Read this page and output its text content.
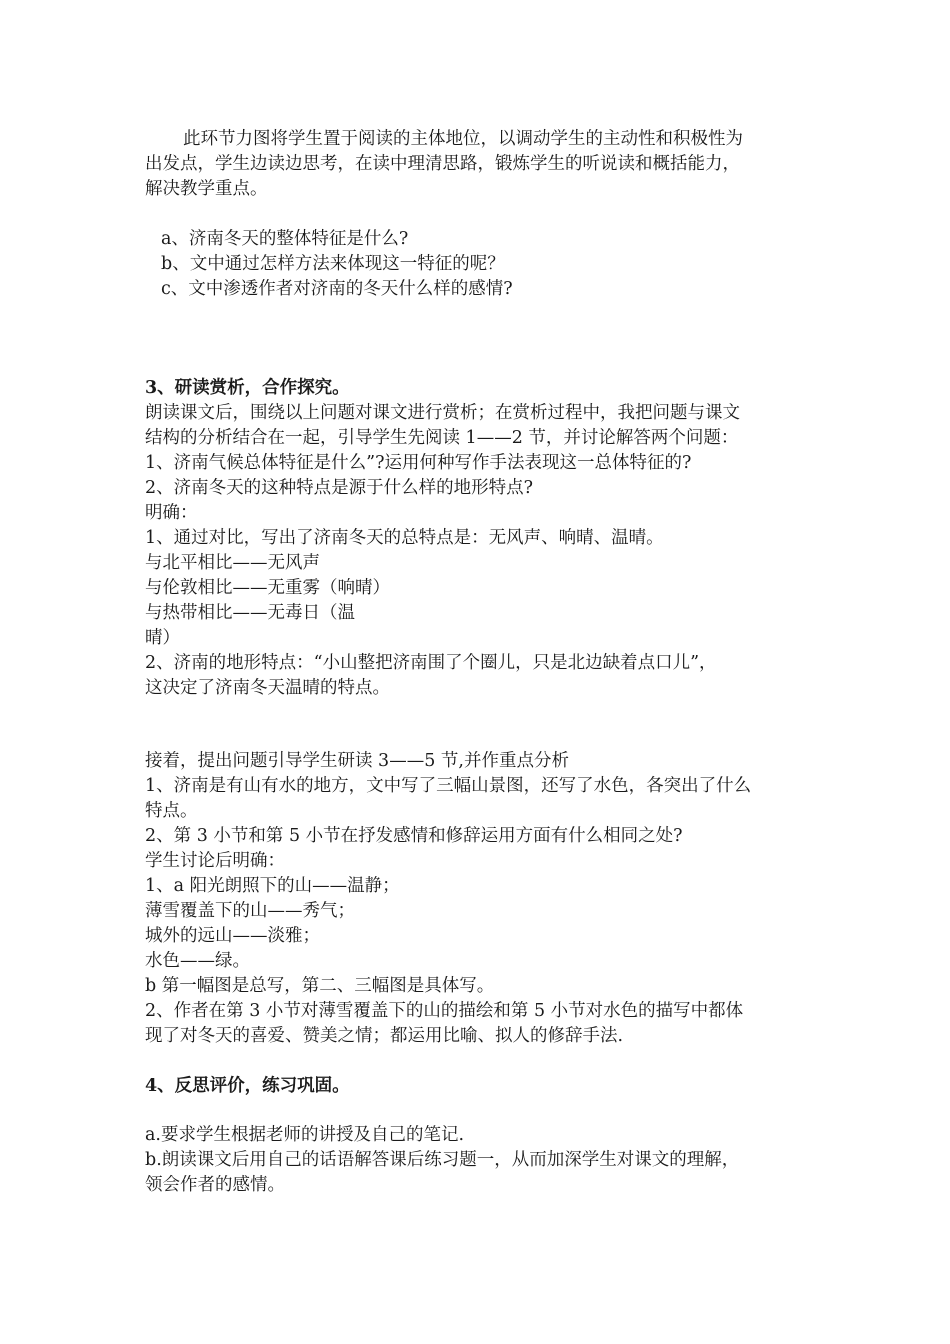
此环节力图将学生置于阅读的主体地位，以调动学生的主动性和积极性为
出发点，学生边读边思考，在读中理清思路，锻炼学生的听说读和概括能力，
解决教学重点。
a、济南冬天的整体特征是什么?
b、文中通过怎样方法来体现这一特征的呢？
c、文中渗透作者对济南的冬天什么样的感情?
3、研读赏析，合作探究。
朗读课文后，围绕以上问题对课文进行赏析；在赏析过程中，我把问题与课文
结构的分析结合在一起，引导学生先阅读 1——2 节，并讨论解答两个问题：
1、济南气候总体特征是什么”?运用何种写作手法表现这一总体特征的?
2、济南冬天的这种特点是源于什么样的地形特点?
明确：
1、通过对比，写出了济南冬天的总特点是：无风声、响晴、温晴。
与北平相比——无风声
与伦敦相比——无重雾（响晴）
与热带相比——无毒日（温
晴）
2、济南的地形特点：“小山整把济南围了个圈儿，只是北边缺着点口儿”，
这决定了济南冬天温晴的特点。
接着，提出问题引导学生研读 3——5 节,并作重点分析
1、济南是有山有水的地方，文中写了三幅山景图，还写了水色，各突出了什么
特点。
2、第 3 小节和第 5 小节在抒发感情和修辞运用方面有什么相同之处?
学生讨论后明确：
1、a 阳光朗照下的山——温静；
薄雪覆盖下的山——秀气；
城外的远山——淡雅；
水色——绿。
b 第一幅图是总写，第二、三幅图是具体写。
2、作者在第 3 小节对薄雪覆盖下的山的描绘和第 5 小节对水色的描写中都体
现了对冬天的喜爱、赞美之情；都运用比喻、拟人的修辞手法.
4、反思评价，练习巩固。
a.要求学生根据老师的讲授及自己的笔记.
b.朗读课文后用自己的话语解答课后练习题一，从而加深学生对课文的理解，
领会作者的感情。
